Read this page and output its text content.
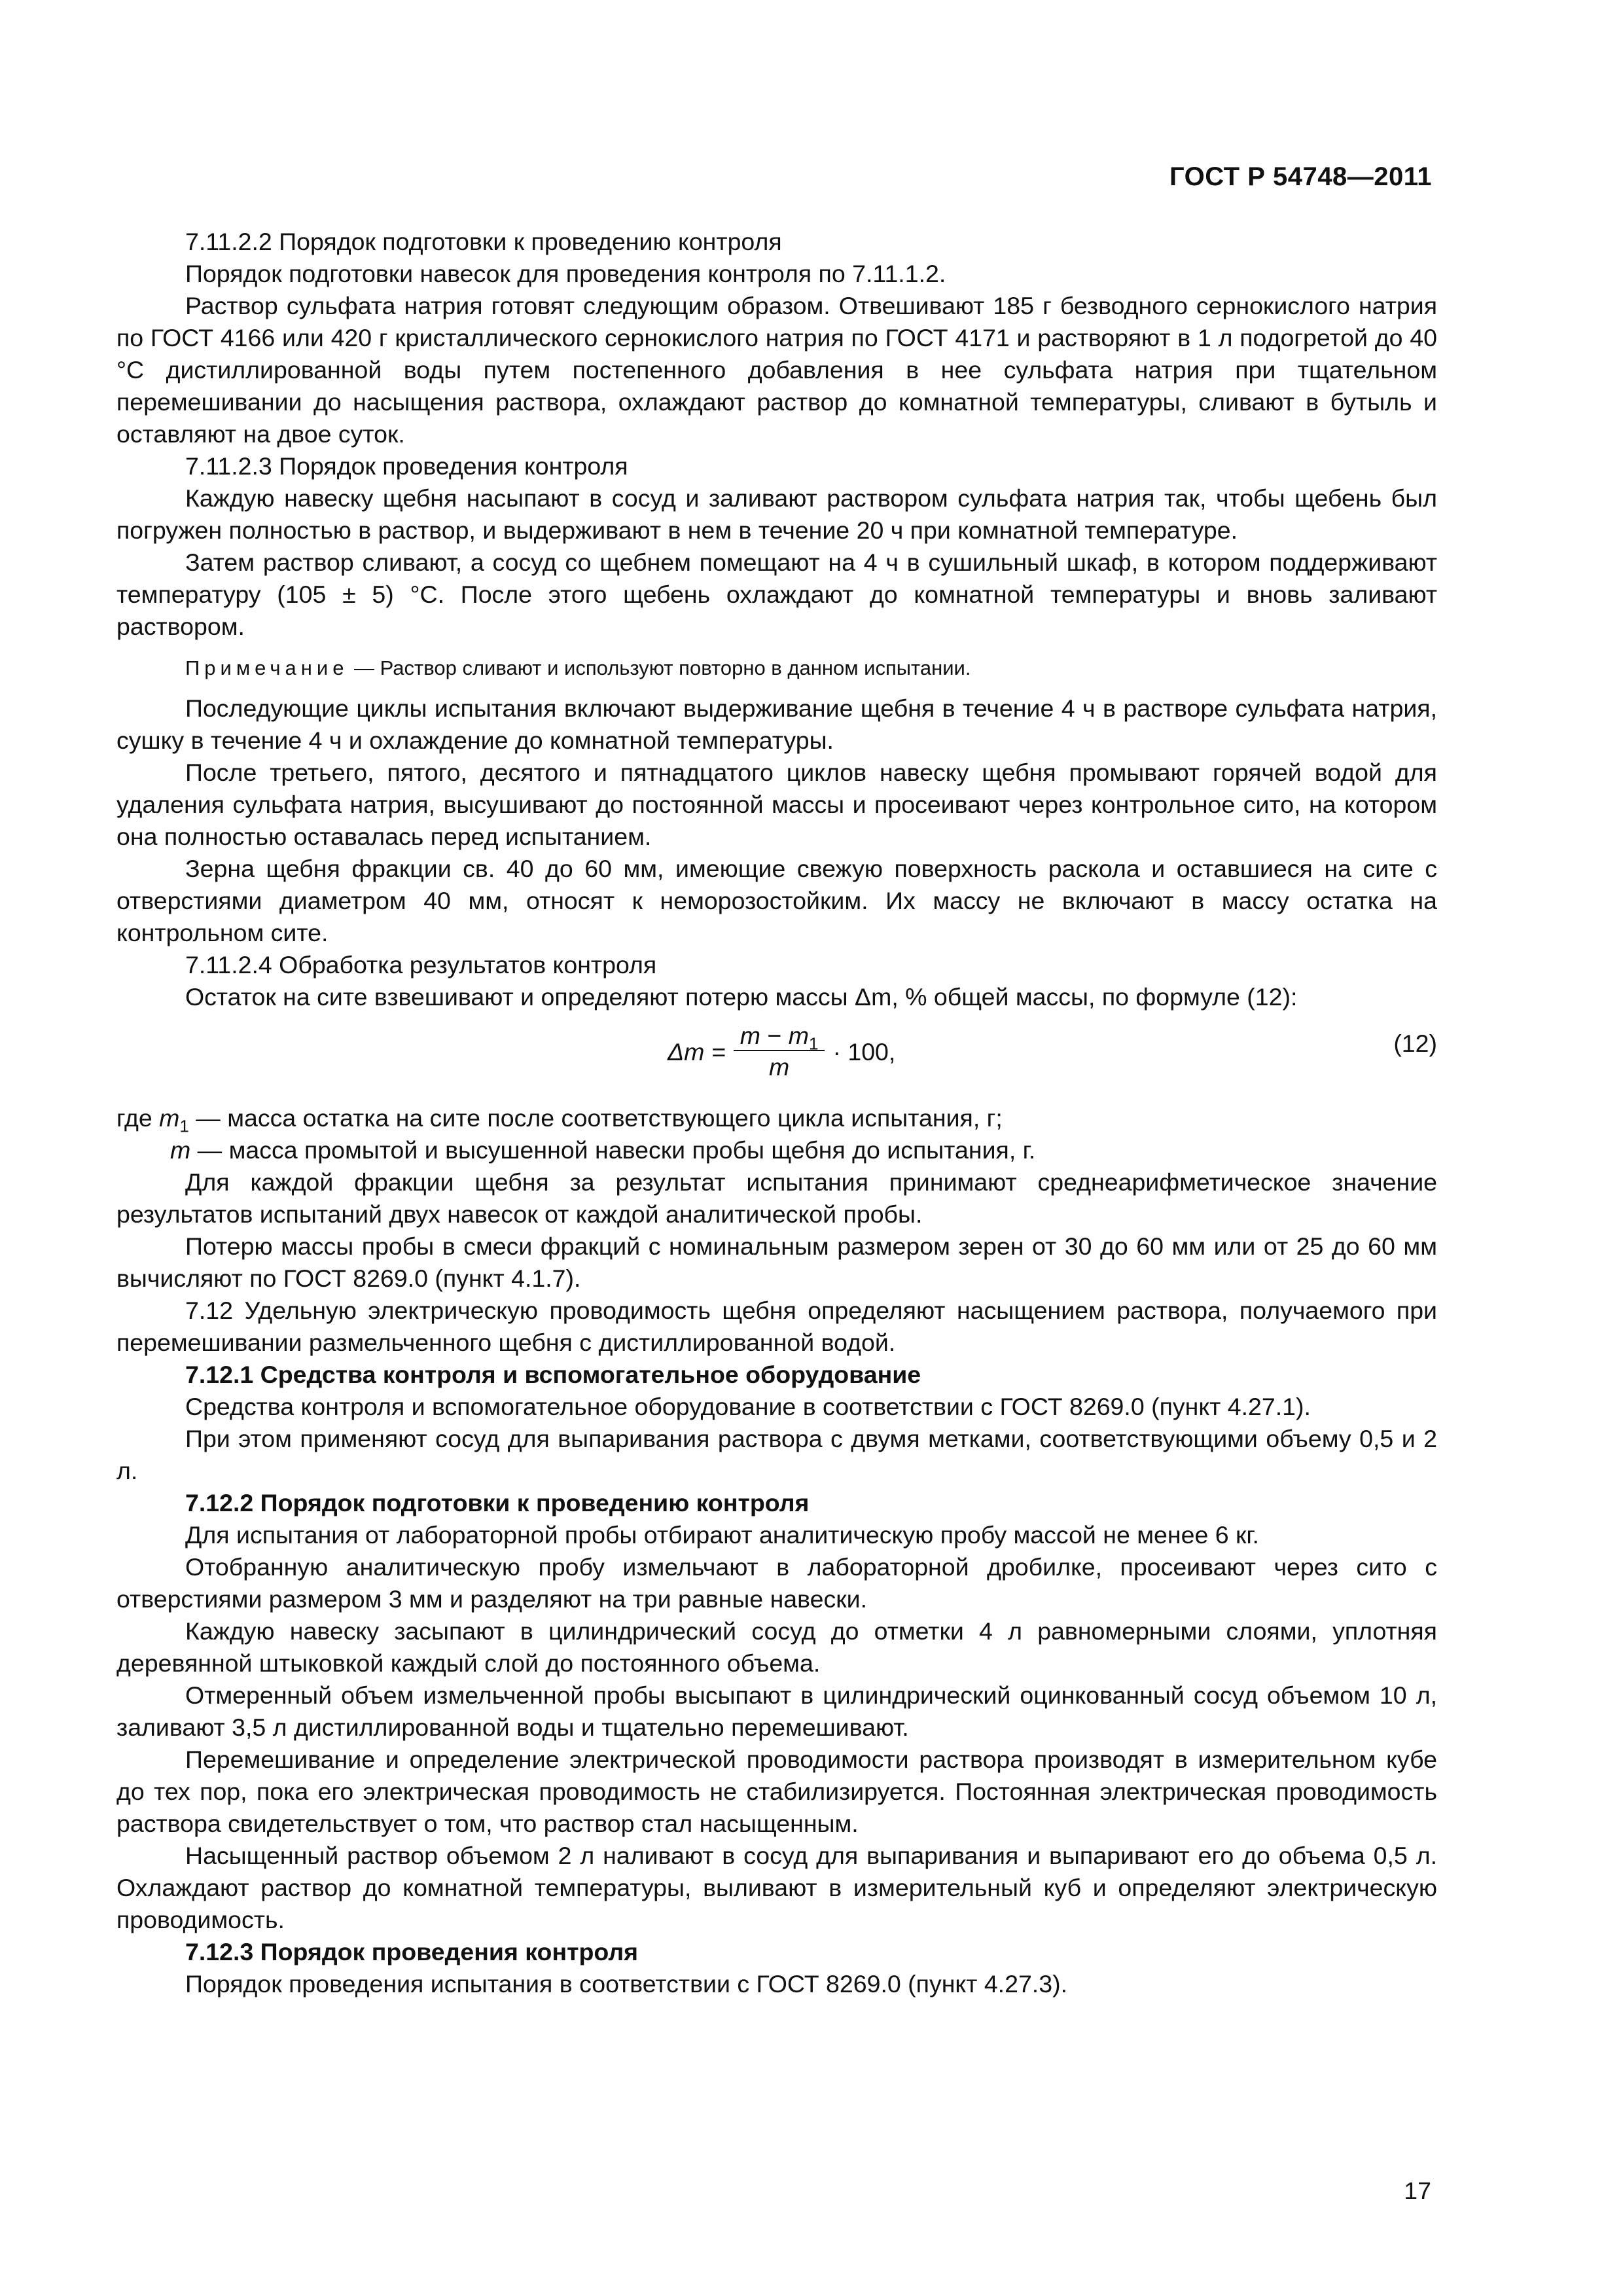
ГОСТ Р 54748—2011

7.11.2.2 Порядок подготовки к проведению контроля

Порядок подготовки навесок для проведения контроля по 7.11.1.2.

Раствор сульфата натрия готовят следующим образом. Отвешивают 185 г безводного сернокислого натрия по ГОСТ 4166 или 420 г кристаллического сернокислого натрия по ГОСТ 4171 и растворяют в 1 л подогретой до 40 °С дистиллированной воды путем постепенного добавления в нее сульфата натрия при тщательном перемешивании до насыщения раствора, охлаждают раствор до комнатной температуры, сливают в бутыль и оставляют на двое суток.

7.11.2.3 Порядок проведения контроля

Каждую навеску щебня насыпают в сосуд и заливают раствором сульфата натрия так, чтобы щебень был погружен полностью в раствор, и выдерживают в нем в течение 20 ч при комнатной температуре.

Затем раствор сливают, а сосуд со щебнем помещают на 4 ч в сушильный шкаф, в котором поддерживают температуру (105 ± 5) °С. После этого щебень охлаждают до комнатной температуры и вновь заливают раствором.

Примечание — Раствор сливают и используют повторно в данном испытании.

Последующие циклы испытания включают выдерживание щебня в течение 4 ч в растворе сульфата натрия, сушку в течение 4 ч и охлаждение до комнатной температуры.

После третьего, пятого, десятого и пятнадцатого циклов навеску щебня промывают горячей водой для удаления сульфата натрия, высушивают до постоянной массы и просеивают через контрольное сито, на котором она полностью оставалась перед испытанием.

Зерна щебня фракции св. 40 до 60 мм, имеющие свежую поверхность раскола и оставшиеся на сите с отверстиями диаметром 40 мм, относят к неморозостойким. Их массу не включают в массу остатка на контрольном сите.

7.11.2.4 Обработка результатов контроля

Остаток на сите взвешивают и определяют потерю массы Δm, % общей массы, по формуле (12):

$\Delta m = \frac{m - m_1}{m} \cdot 100$,	(12)

где $m_1$ — масса остатка на сите после соответствующего цикла испытания, г;

m — масса промытой и высушенной навески пробы щебня до испытания, г.

Для каждой фракции щебня за результат испытания принимают среднеарифметическое значение результатов испытаний двух навесок от каждой аналитической пробы.

Потерю массы пробы в смеси фракций с номинальным размером зерен от 30 до 60 мм или от 25 до 60 мм вычисляют по ГОСТ 8269.0 (пункт 4.1.7).

7.12 Удельную электрическую проводимость щебня определяют насыщением раствора, получаемого при перемешивании размельченного щебня с дистиллированной водой.

7.12.1 Средства контроля и вспомогательное оборудование

Средства контроля и вспомогательное оборудование в соответствии с ГОСТ 8269.0 (пункт 4.27.1).

При этом применяют сосуд для выпаривания раствора с двумя метками, соответствующими объему 0,5 и 2 л.

7.12.2 Порядок подготовки к проведению контроля

Для испытания от лабораторной пробы отбирают аналитическую пробу массой не менее 6 кг.

Отобранную аналитическую пробу измельчают в лабораторной дробилке, просеивают через сито с отверстиями размером 3 мм и разделяют на три равные навески.

Каждую навеску засыпают в цилиндрический сосуд до отметки 4 л равномерными слоями, уплотняя деревянной штыковкой каждый слой до постоянного объема.

Отмеренный объем измельченной пробы высыпают в цилиндрический оцинкованный сосуд объемом 10 л, заливают 3,5 л дистиллированной воды и тщательно перемешивают.

Перемешивание и определение электрической проводимости раствора производят в измерительном кубе до тех пор, пока его электрическая проводимость не стабилизируется. Постоянная электрическая проводимость раствора свидетельствует о том, что раствор стал насыщенным.

Насыщенный раствор объемом 2 л наливают в сосуд для выпаривания и выпаривают его до объема 0,5 л. Охлаждают раствор до комнатной температуры, выливают в измерительный куб и определяют электрическую проводимость.

7.12.3 Порядок проведения контроля

Порядок проведения испытания в соответствии с ГОСТ 8269.0 (пункт 4.27.3).

17
